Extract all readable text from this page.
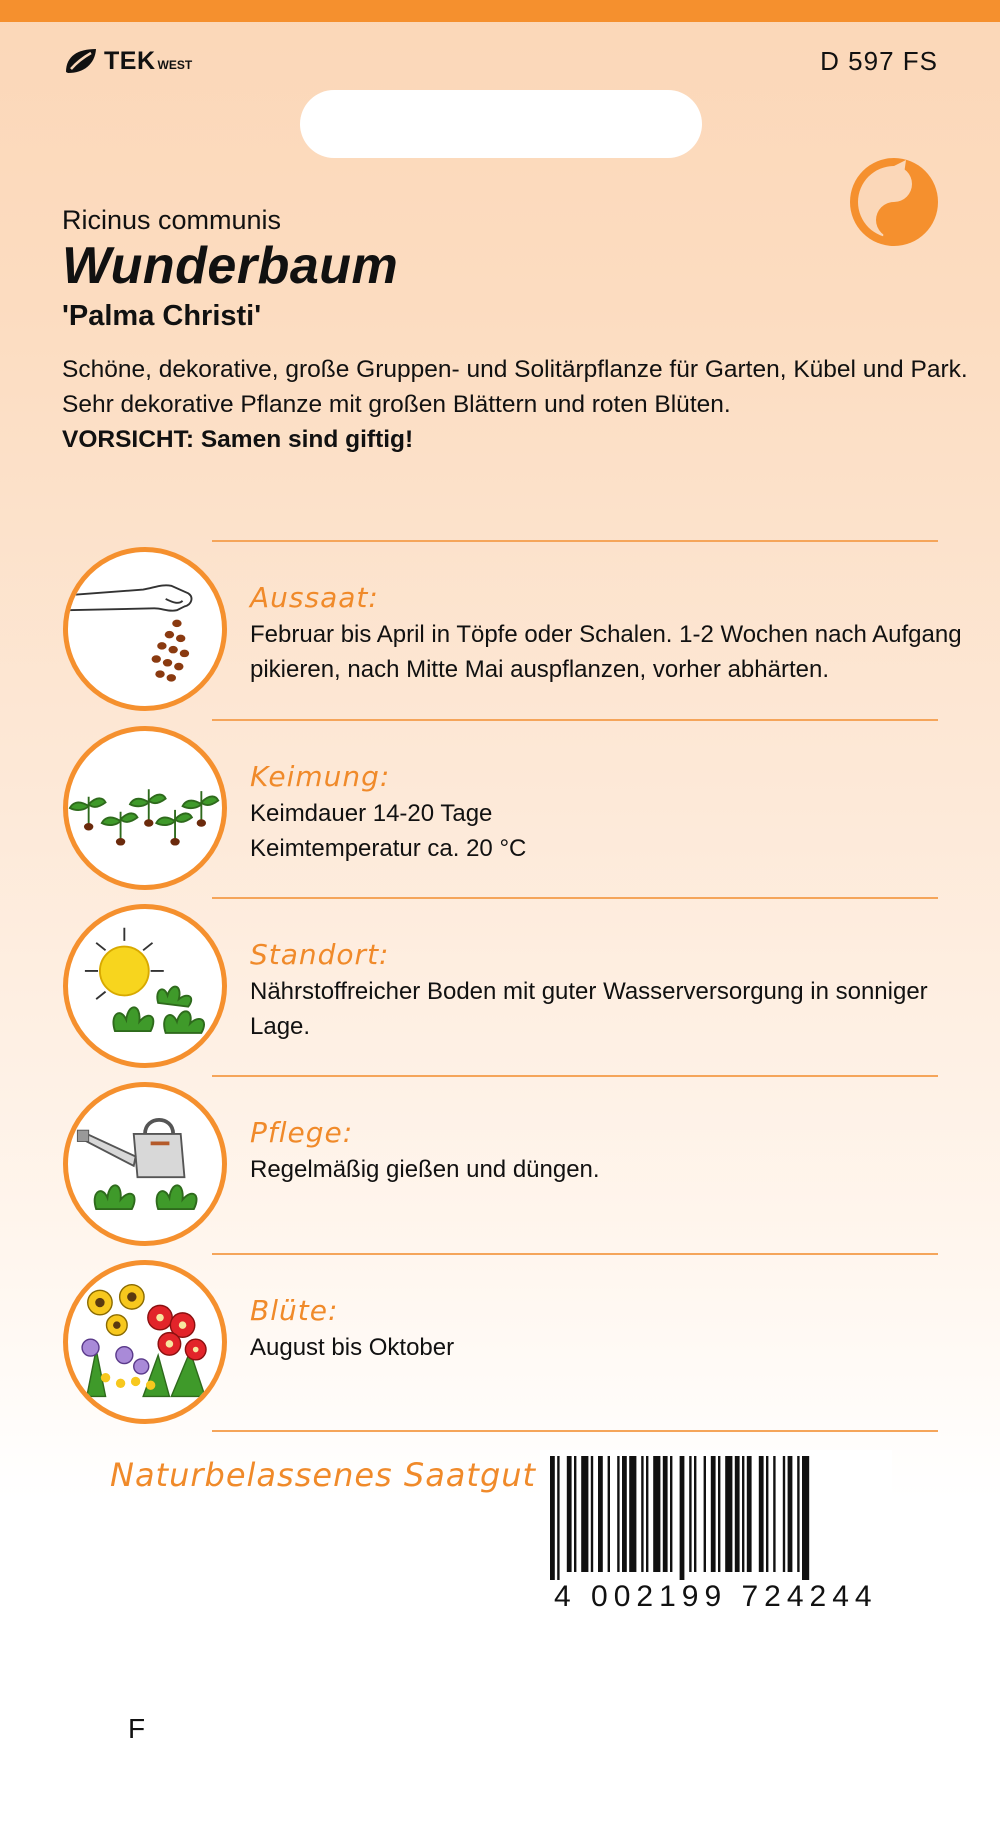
TEK WEST	D 597 FS
Ricinus communis
Wunderbaum
'Palma Christi'
Schöne, dekorative, große Gruppen- und Solitärpflanze für Garten, Kübel und Park.
Sehr dekorative Pflanze mit großen Blättern und roten Blüten.
VORSICHT: Samen sind giftig!
Aussaat:
Februar bis April in Töpfe oder Schalen. 1-2 Wochen nach Aufgang
pikieren, nach Mitte Mai auspflanzen, vorher abhärten.
Keimung:
Keimdauer 14-20 Tage
Keimtemperatur ca. 20 °C
Standort:
Nährstoffreicher Boden mit guter Wasserversorgung in sonniger
Lage.
Pflege:
Regelmäßig gießen und düngen.
Blüte:
August bis Oktober
Naturbelassenes Saatgut
4 002199 724244
F
